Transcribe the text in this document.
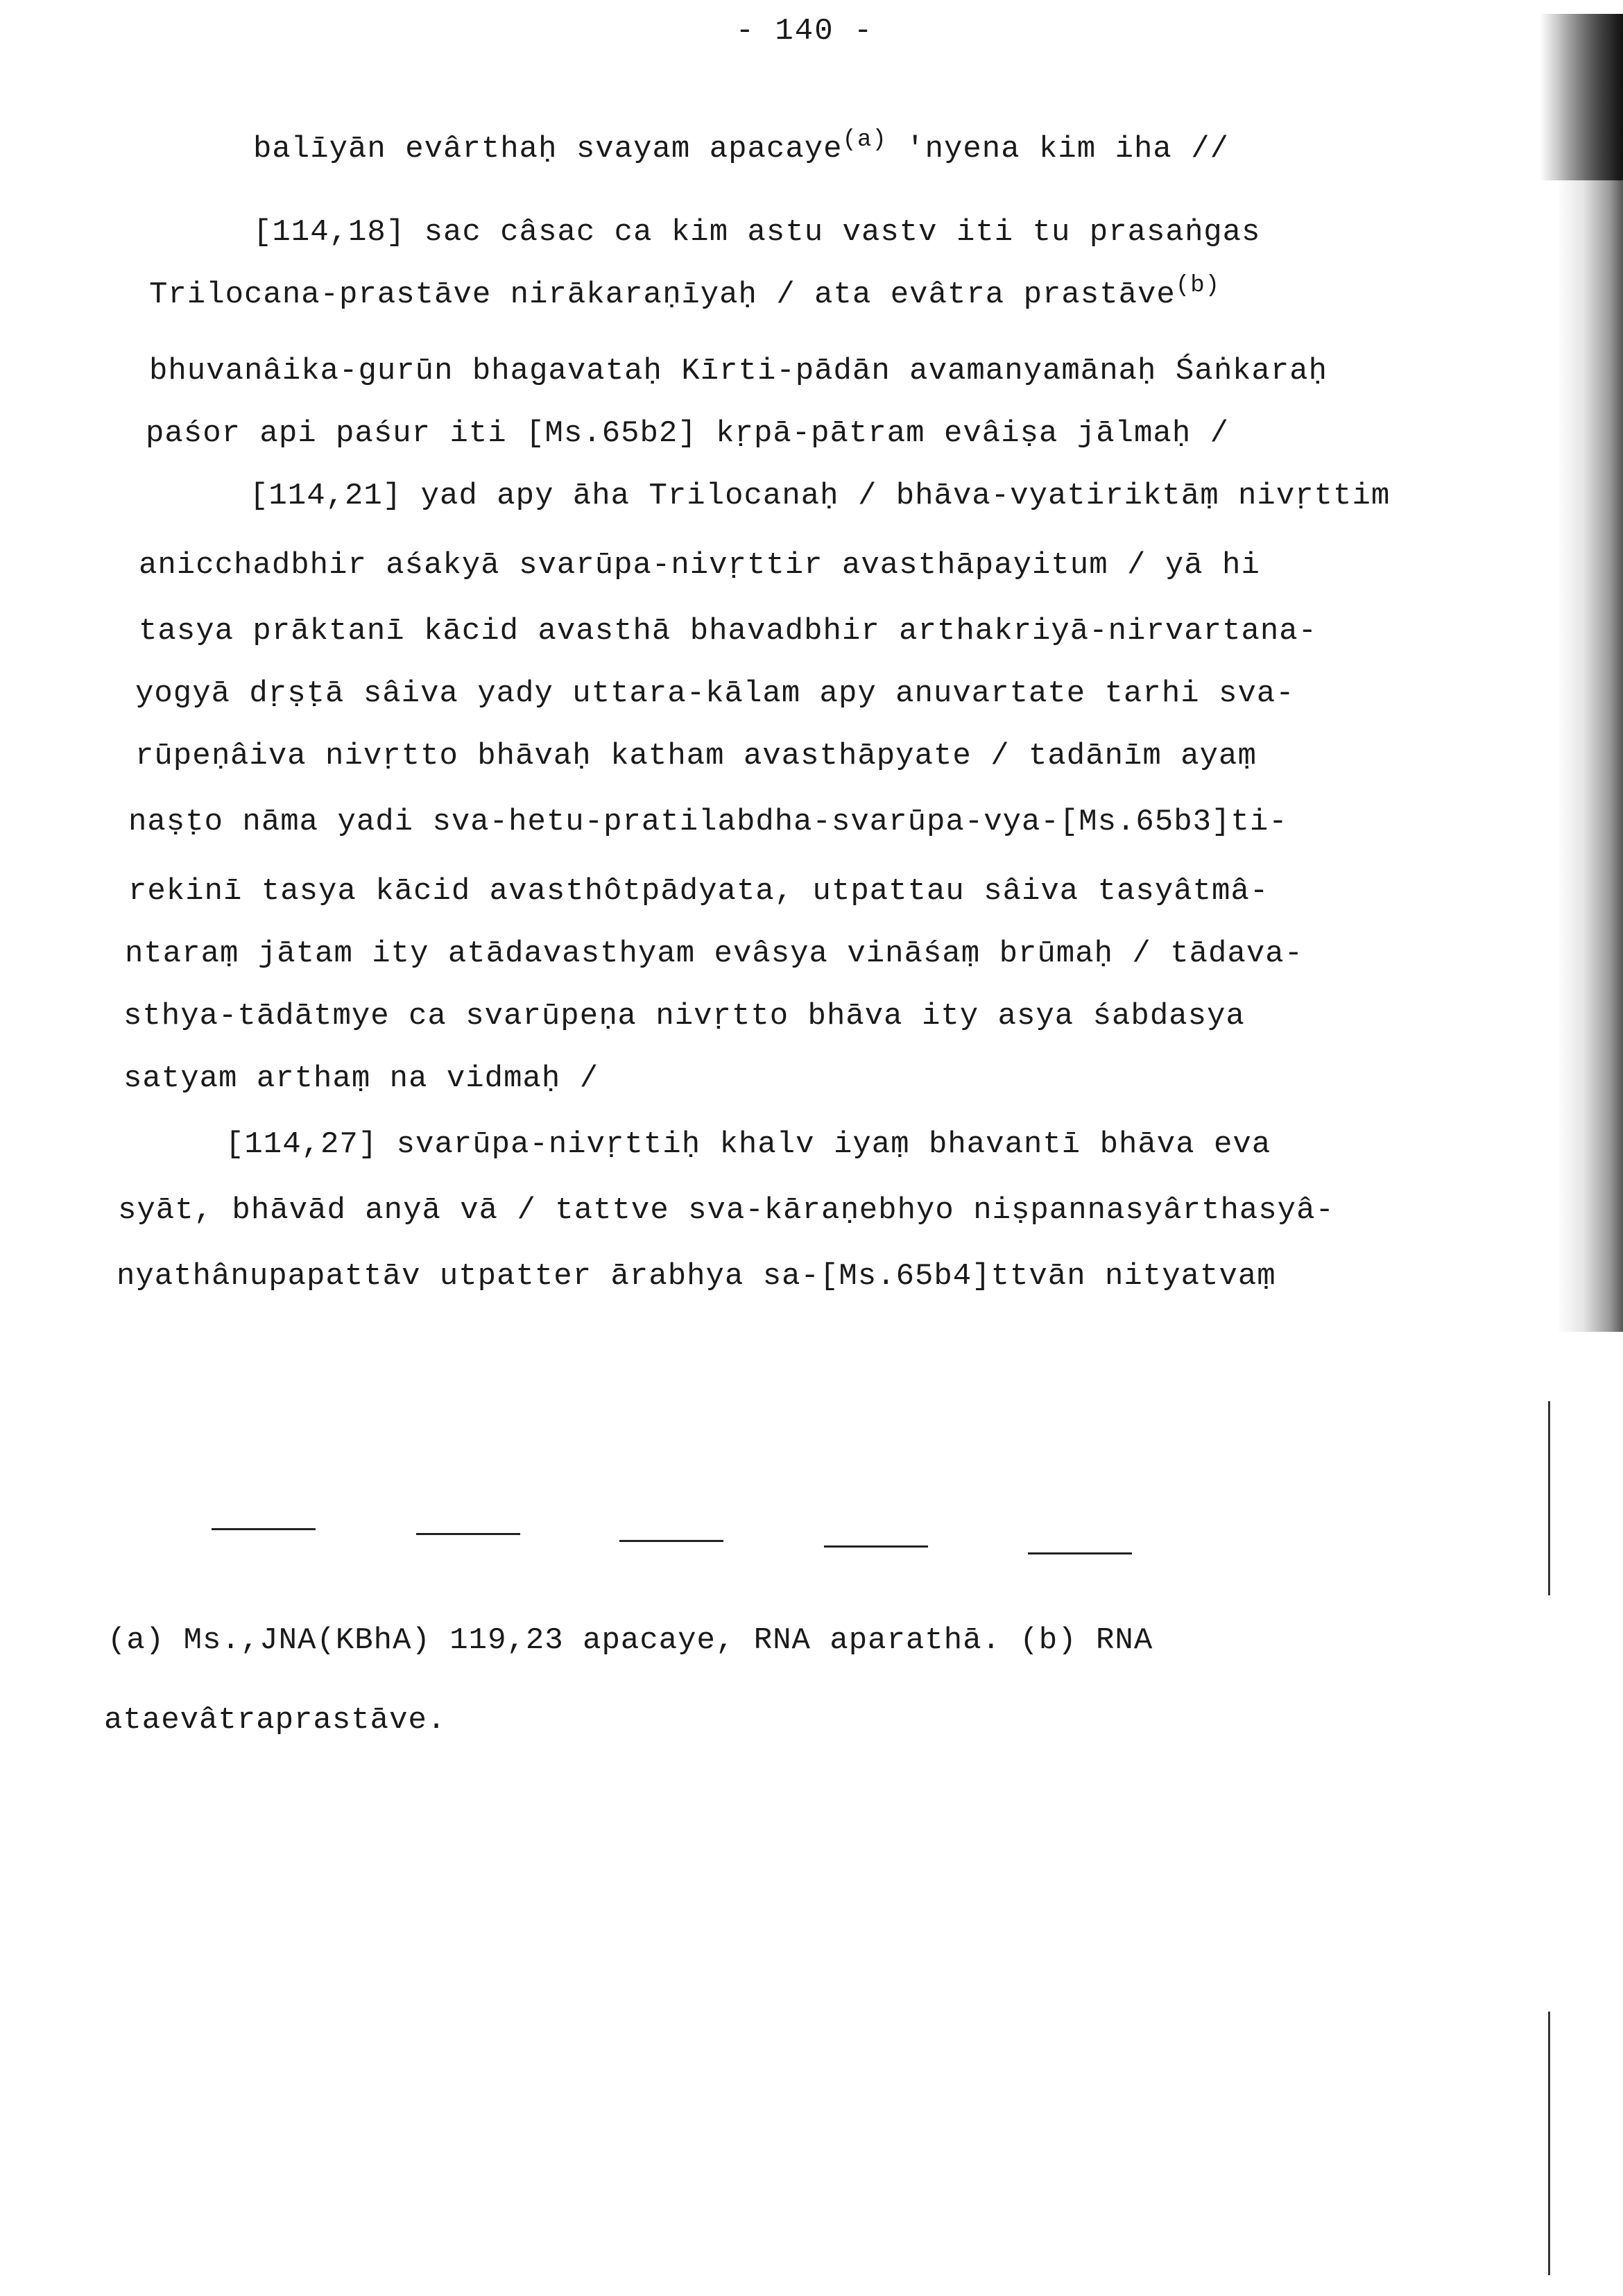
- 140 -
balīyān evârthaḥ svayam apacaye$^{(a)}$ 'nyena kim iha //
[114,18] sac câsac ca kim astu vastv iti tu prasaṅgas
Trilocana-prastāve nirākaraṇīyaḥ / ata evâtra prastāve$^{(b)}$
bhuvanâika-gurūn bhagavataḥ Kīrti-pādān avamanyamānaḥ Śaṅkaraḥ
paśor api paśur iti [Ms.65b2] kṛpā-pātram evâiṣa jālmaḥ /
[114,21] yad apy āha Trilocanaḥ / bhāva-vyatiriktāṃ nivṛttim
anicchadbhir aśakyā svarūpa-nivṛttir avasthāpayitum / yā hi
tasya prāktanī kācid avasthā bhavadbhir arthakriyā-nirvartana-
yogyā dṛṣṭā sâiva yady uttara-kālam apy anuvartate tarhi sva-
rūpeṇâiva nivṛtto bhāvaḥ katham avasthāpyate / tadānīm ayaṃ
naṣṭo nāma yadi sva-hetu-pratilabdha-svarūpa-vya-[Ms.65b3]ti-
rekinī tasya kācid avasthôtpādyata, utpattau sâiva tasyâtmâ-
ntaraṃ jātam ity atādavasthyam evâsya vināśaṃ brūmaḥ / tādava-
sthya-tādātmye ca svarūpeṇa nivṛtto bhāva ity asya śabdasya
satyam arthaṃ na vidmaḥ /
[114,27] svarūpa-nivṛttiḥ khalv iyaṃ bhavantī bhāva eva
syāt, bhāvād anyā vā / tattve sva-kāraṇebhyo niṣpannasyârthasyâ-
nyathânupapattāv utpatter ārabhya sa-[Ms.65b4]ttvān nityatvaṃ
(a) Ms.,JNA(KBhA) 119,23 apacaye, RNA aparathā. (b) RNA
ataevâtraprastāve.
